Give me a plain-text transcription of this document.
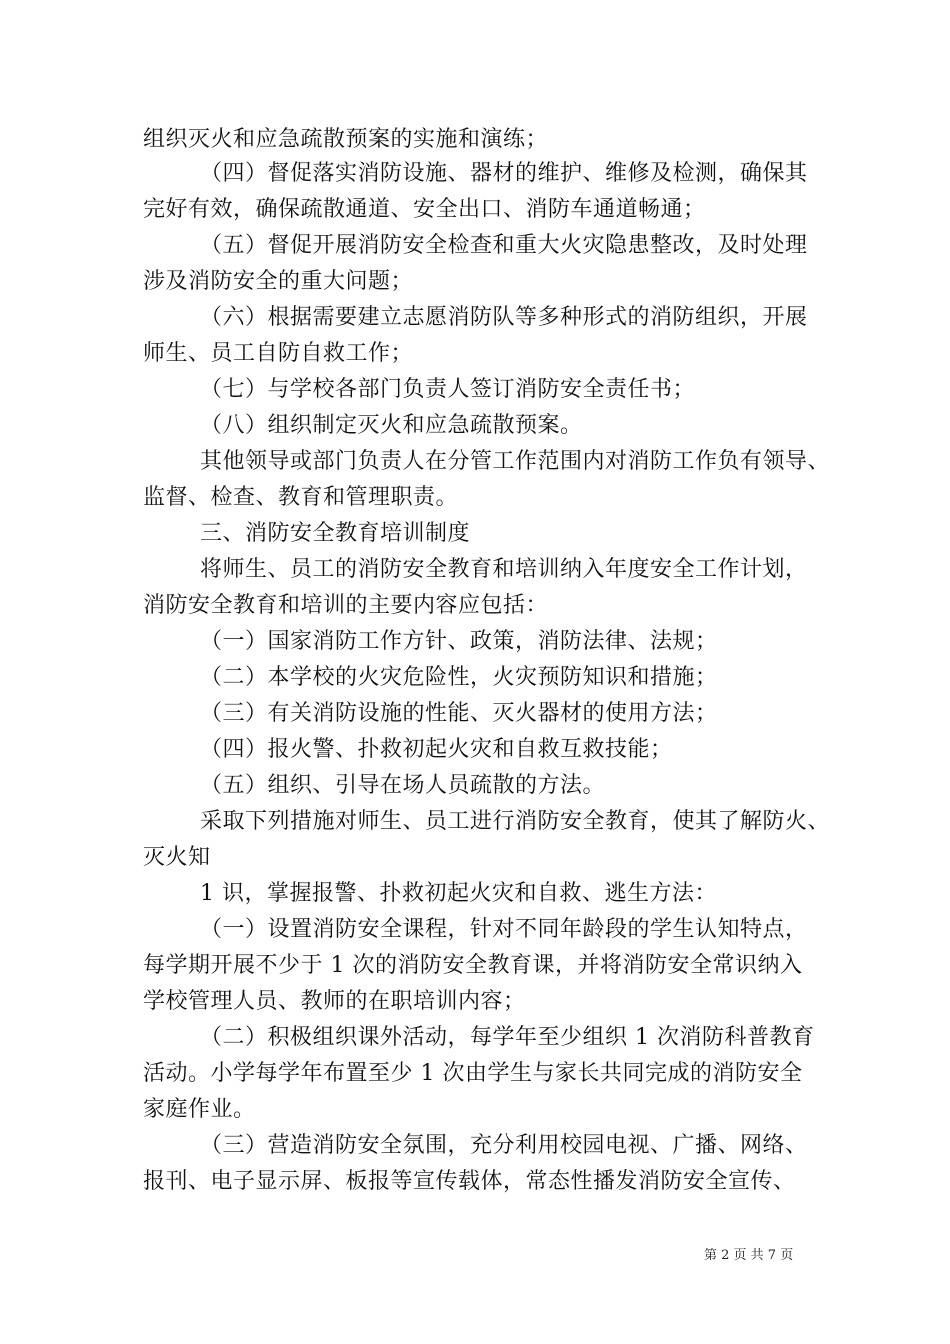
组织灭火和应急疏散预案的实施和演练；
（四）督促落实消防设施、器材的维护、维修及检测，确保其
完好有效，确保疏散通道、安全出口、消防车通道畅通；
（五）督促开展消防安全检查和重大火灾隐患整改，及时处理
涉及消防安全的重大问题；
（六）根据需要建立志愿消防队等多种形式的消防组织，开展
师生、员工自防自救工作；
（七）与学校各部门负责人签订消防安全责任书；
（八）组织制定灭火和应急疏散预案。
其他领导或部门负责人在分管工作范围内对消防工作负有领导、
监督、检查、教育和管理职责。
三、消防安全教育培训制度
将师生、员工的消防安全教育和培训纳入年度安全工作计划，
消防安全教育和培训的主要内容应包括：
（一）国家消防工作方针、政策，消防法律、法规；
（二）本学校的火灾危险性，火灾预防知识和措施；
（三）有关消防设施的性能、灭火器材的使用方法；
（四）报火警、扑救初起火灾和自救互救技能；
（五）组织、引导在场人员疏散的方法。
采取下列措施对师生、员工进行消防安全教育，使其了解防火、
灭火知
1 识，掌握报警、扑救初起火灾和自救、逃生方法：
（一）设置消防安全课程，针对不同年龄段的学生认知特点，
每学期开展不少于 1 次的消防安全教育课，并将消防安全常识纳入
学校管理人员、教师的在职培训内容；
（二）积极组织课外活动，每学年至少组织 1 次消防科普教育
活动。小学每学年布置至少 1 次由学生与家长共同完成的消防安全
家庭作业。
（三）营造消防安全氛围，充分利用校园电视、广播、网络、
报刊、电子显示屏、板报等宣传载体，常态性播发消防安全宣传、
第 2 页 共 7 页
